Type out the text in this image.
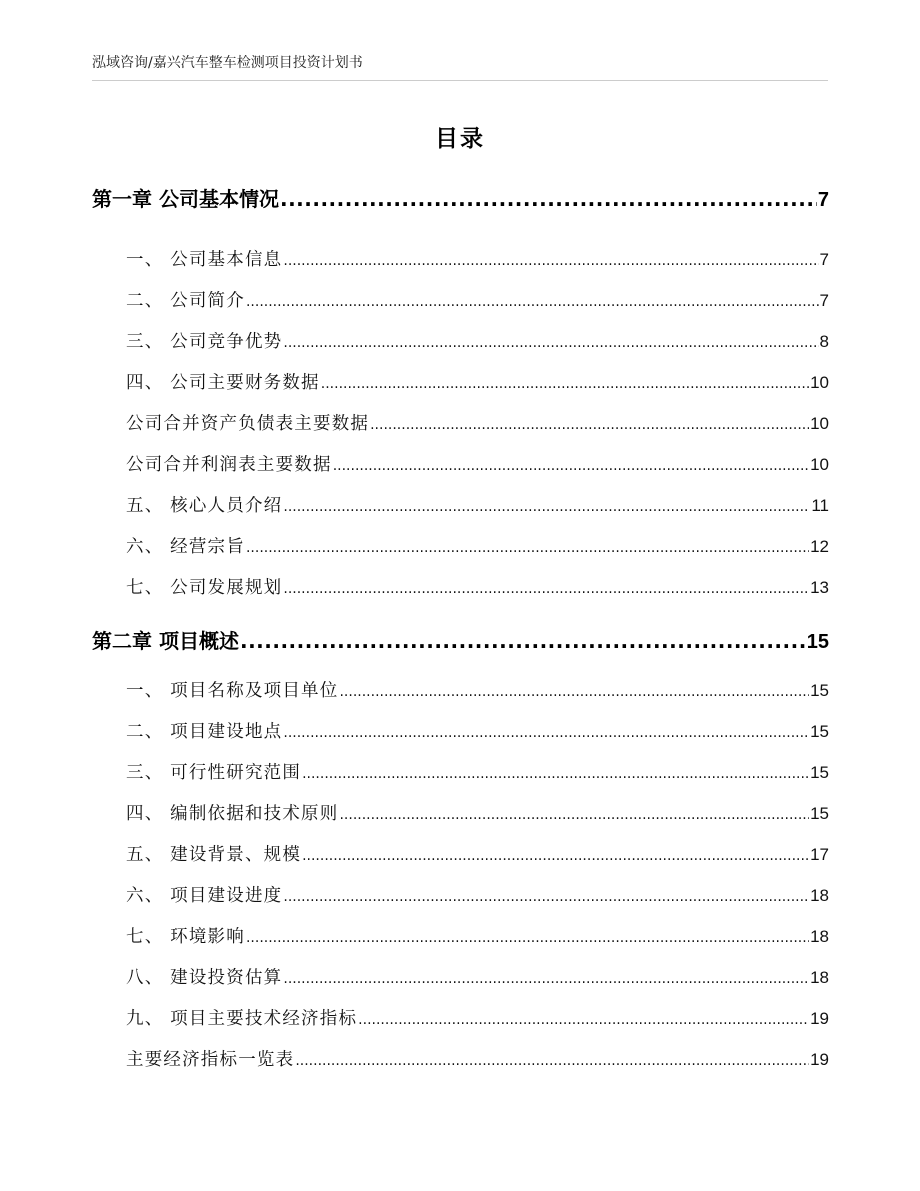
泓域咨询/嘉兴汽车整车检测项目投资计划书
目录
第一章 公司基本情况 .....	7
一、 公司基本信息 .....	7
二、 公司简介 .....	7
三、 公司竞争优势 .....	8
四、 公司主要财务数据 .....	10
公司合并资产负债表主要数据 .....	10
公司合并利润表主要数据 .....	10
五、 核心人员介绍 .....	11
六、 经营宗旨 .....	12
七、 公司发展规划 .....	13
第二章 项目概述 .....	15
一、 项目名称及项目单位 .....	15
二、 项目建设地点 .....	15
三、 可行性研究范围 .....	15
四、 编制依据和技术原则 .....	15
五、 建设背景、规模 .....	17
六、 项目建设进度 .....	18
七、 环境影响 .....	18
八、 建设投资估算 .....	18
九、 项目主要技术经济指标 .....	19
主要经济指标一览表 .....	19
